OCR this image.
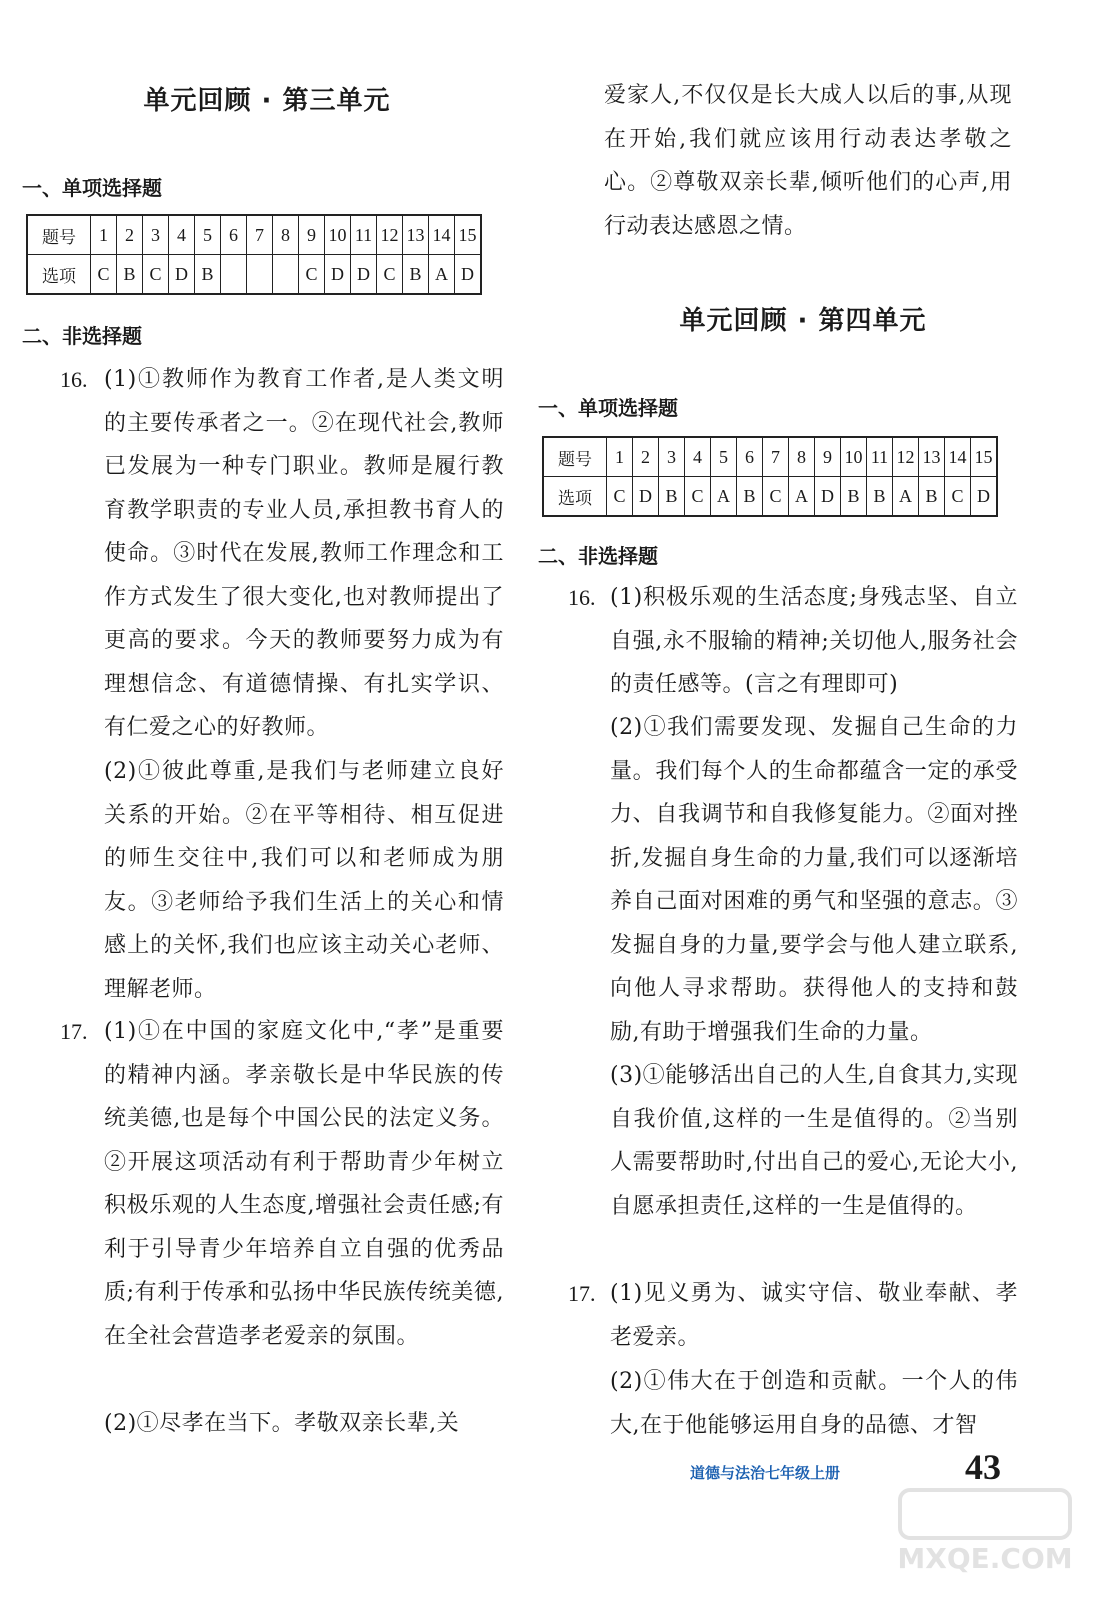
单元回顾 · 第三单元
一、单项选择题
题号	1	2	3	4	5	6	7	8	9	10	11	12	13	14	15
选项	C	B	C	D	B				C	D	D	C	B	A	D
二、非选择题
16. (1)①教师作为教育工作者,是人类文明的主要传承者之一。②在现代社会,教师已发展为一种专门职业。教师是履行教育教学职责的专业人员,承担教书育人的使命。③时代在发展,教师工作理念和工作方式发生了很大变化,也对教师提出了更高的要求。今天的教师要努力成为有理想信念、有道德情操、有扎实学识、有仁爱之心的好教师。
(2)①彼此尊重,是我们与老师建立良好关系的开始。②在平等相待、相互促进的师生交往中,我们可以和老师成为朋友。③老师给予我们生活上的关心和情感上的关怀,我们也应该主动关心老师、理解老师。
17. (1)①在中国的家庭文化中,“孝”是重要的精神内涵。孝亲敬长是中华民族的传统美德,也是每个中国公民的法定义务。②开展这项活动有利于帮助青少年树立积极乐观的人生态度,增强社会责任感;有利于引导青少年培养自立自强的优秀品质;有利于传承和弘扬中华民族传统美德,在全社会营造孝老爱亲的氛围。
(2)①尽孝在当下。孝敬双亲长辈,关
爱家人,不仅仅是长大成人以后的事,从现在开始,我们就应该用行动表达孝敬之心。②尊敬双亲长辈,倾听他们的心声,用行动表达感恩之情。
单元回顾 · 第四单元
一、单项选择题
题号	1	2	3	4	5	6	7	8	9	10	11	12	13	14	15
选项	C	D	B	C	A	B	C	A	D	B	B	A	B	C	D
二、非选择题
16. (1)积极乐观的生活态度;身残志坚、自立自强,永不服输的精神;关切他人,服务社会的责任感等。(言之有理即可)
(2)①我们需要发现、发掘自己生命的力量。我们每个人的生命都蕴含一定的承受力、自我调节和自我修复能力。②面对挫折,发掘自身生命的力量,我们可以逐渐培养自己面对困难的勇气和坚强的意志。③发掘自身的力量,要学会与他人建立联系,向他人寻求帮助。获得他人的支持和鼓励,有助于增强我们生命的力量。
(3)①能够活出自己的人生,自食其力,实现自我价值,这样的一生是值得的。②当别人需要帮助时,付出自己的爱心,无论大小,自愿承担责任,这样的一生是值得的。
17. (1)见义勇为、诚实守信、敬业奉献、孝老爱亲。
(2)①伟大在于创造和贡献。一个人的伟大,在于他能够运用自身的品德、才智
道德与法治七年级上册	43
MXQE.COM
